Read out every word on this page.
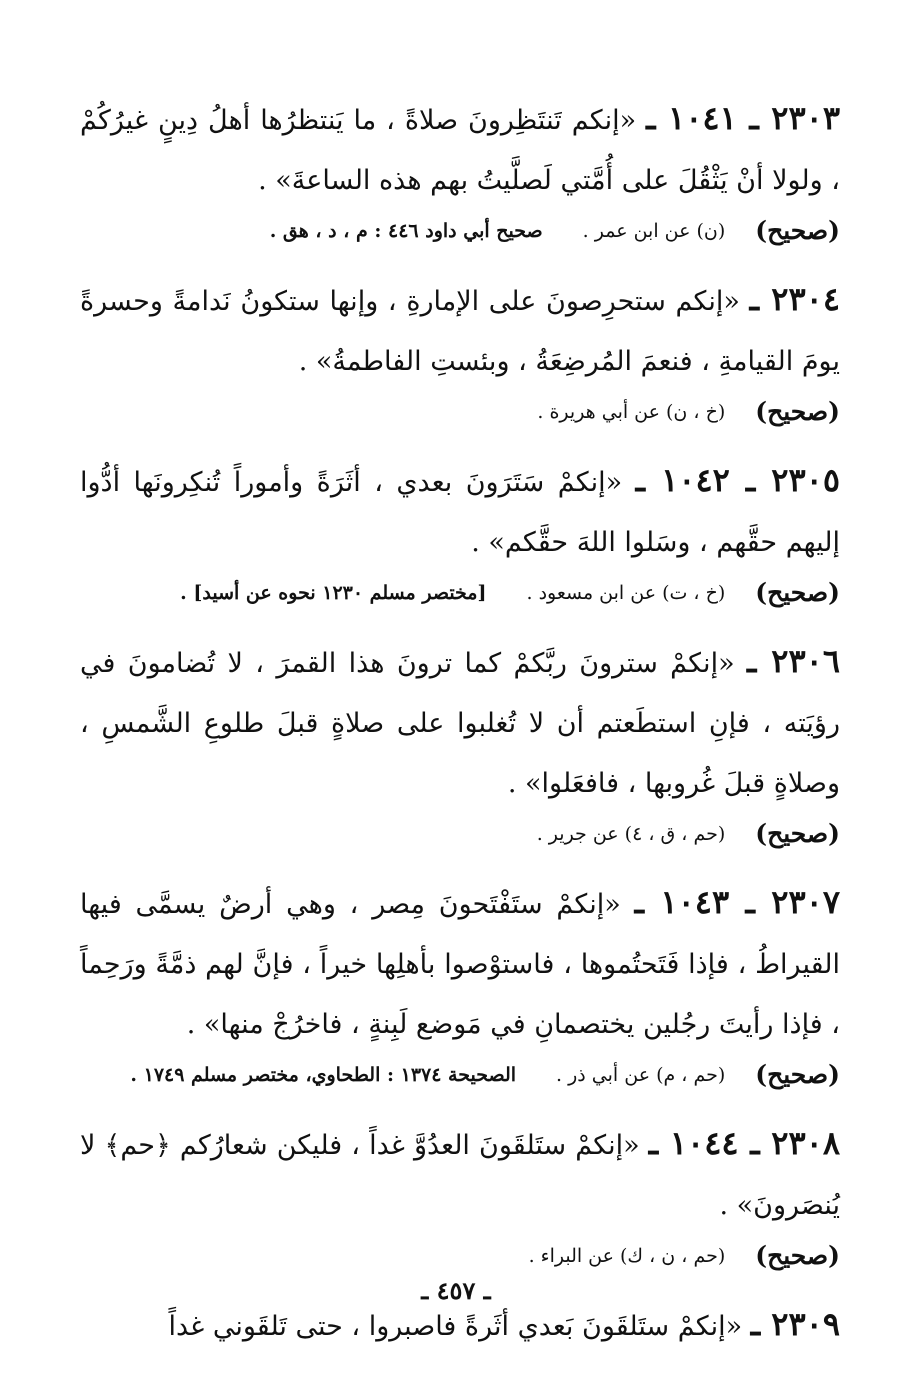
٢٣٠٣ ـ ١٠٤١ ـ «إنكم تَنتَظِرونَ صلاةً ، ما يَنتظرُها أهلُ دِينٍ غيرُكُمْ ، ولولا أنْ يَثْقُلَ على أُمَّتي لَصلَّيتُ بهم هذه الساعةَ» .
(صحيح)
(ن) عن ابن عمر .
صحيح أبي داود ٤٤٦ : م ، د ، هق .
٢٣٠٤ ـ «إنكم ستحرِصونَ على الإمارةِ ، وإنها ستكونُ نَدامةً وحسرةً يومَ القيامةِ ، فنعمَ المُرضِعَةُ ، وبئستِ الفاطمةُ» .
(صحيح)
(خ ، ن) عن أبي هريرة .
٢٣٠٥ ـ ١٠٤٢ ـ «إنكمْ سَتَرَونَ بعدي ، أثَرَةً وأموراً تُنكِرونَها أدُّوا إليهم حقَّهم ، وسَلوا اللهَ حقَّكم» .
(صحيح)
(خ ، ت) عن ابن مسعود .
[مختصر مسلم ١٢٣٠ نحوه عن أسيد] .
٢٣٠٦ ـ «إنكمْ سترونَ ربَّكمْ كما ترونَ هذا القمرَ ، لا تُضامونَ في رؤيَته ، فإنِ استطَعتم أن لا تُغلبوا على صلاةٍ قبلَ طلوعِ الشَّمسِ ، وصلاةٍ قبلَ غُروبها ، فافعَلوا» .
(صحيح)
(حم ، ق ، ٤) عن جرير .
٢٣٠٧ ـ ١٠٤٣ ـ «إنكمْ ستَفْتَحونَ مِصر ، وهي أرضٌ يسمَّى فيها القيراطُ ، فإذا فَتَحتُموها ، فاستوْصوا بأهلِها خيراً ، فإنَّ لهم ذمَّةً ورَحِماً ، فإذا رأيتَ رجُلين يختصمانِ في مَوضع لَبِنةٍ ، فاخرُجْ منها» .
(صحيح)
(حم ، م) عن أبي ذر .
الصحيحة ١٣٧٤ : الطحاوي، مختصر مسلم ١٧٤٩ .
٢٣٠٨ ـ ١٠٤٤ ـ «إنكمْ ستَلقَونَ العدُوَّ غداً ، فليكن شعارُكم ﴿حم﴾ لا يُنصَرونَ» .
(صحيح)
(حم ، ن ، ك) عن البراء .
٢٣٠٩ ـ «إنكمْ ستَلقَونَ بَعدي أثَرةً فاصبروا ، حتى تَلقَوني غداً
ـ ٤٥٧ ـ
